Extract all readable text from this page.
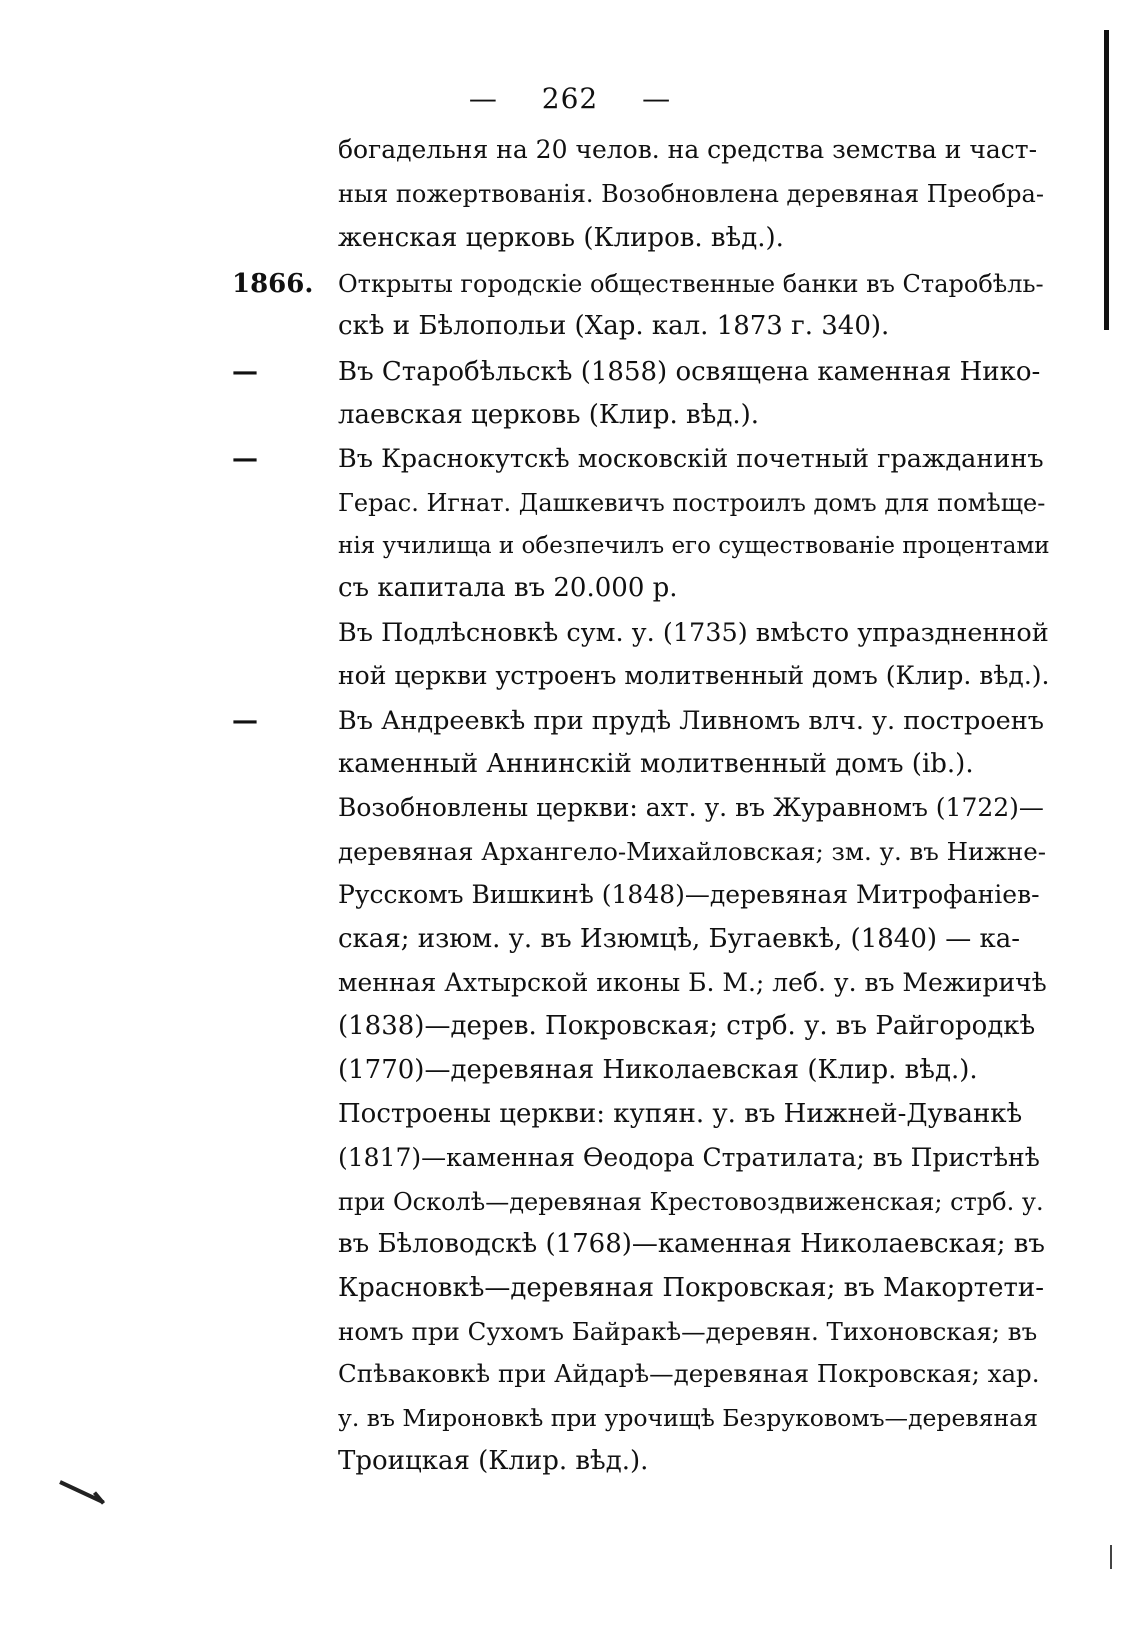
— 262 —
богадельня на 20 челов. на средства земства и част-
ныя пожертвованія. Возобновлена деревяная Преобра-
женская церковь (Клиров. вѣд.).
1866.	Открыты городскіе общественные банки въ Старобѣль-
скѣ и Бѣлопольи (Хар. кал. 1873 г. 340).
—	Въ Старобѣльскѣ (1858) освящена каменная Нико-
лаевская церковь (Клир. вѣд.).
—	Въ Краснокутскѣ московскій почетный гражданинъ
Герас. Игнат. Дашкевичъ построилъ домъ для помѣще-
нія училища и обезпечилъ его существованіе процентами
съ капитала въ 20.000 р.
Въ Подлѣсновкѣ сум. у. (1735) вмѣсто упраздненной
ной церкви устроенъ молитвенный домъ (Клир. вѣд.).
—	Въ Андреевкѣ при прудѣ Ливномъ влч. у. построенъ
каменный Аннинскій молитвенный домъ (ib.).
Возобновлены церкви: ахт. у. въ Журавномъ (1722)—
деревяная Архангело-Михайловская; зм. у. въ Нижне-
Русскомъ Вишкинѣ (1848)—деревяная Митрофаніев-
ская; изюм. у. въ Изюмцѣ, Бугаевкѣ, (1840) — ка-
менная Ахтырской иконы Б. М.; леб. у. въ Межиричѣ
(1838)—дерев. Покровская; стрб. у. въ Райгородкѣ
(1770)—деревяная Николаевская (Клир. вѣд.).
Построены церкви: купян. у. въ Нижней-Дуванкѣ
(1817)—каменная Ѳеодора Стратилата; въ Пристѣнѣ
при Осколѣ—деревяная Крестовоздвиженская; стрб. у.
въ Бѣловодскѣ (1768)—каменная Николаевская; въ
Красновкѣ—деревяная Покровская; въ Макортети-
номъ при Сухомъ Байракѣ—деревян. Тихоновская; въ
Спѣваковкѣ при Айдарѣ—деревяная Покровская; хар.
у. въ Мироновкѣ при урочищѣ Безруковомъ—деревяная
Троицкая (Клир. вѣд.).
